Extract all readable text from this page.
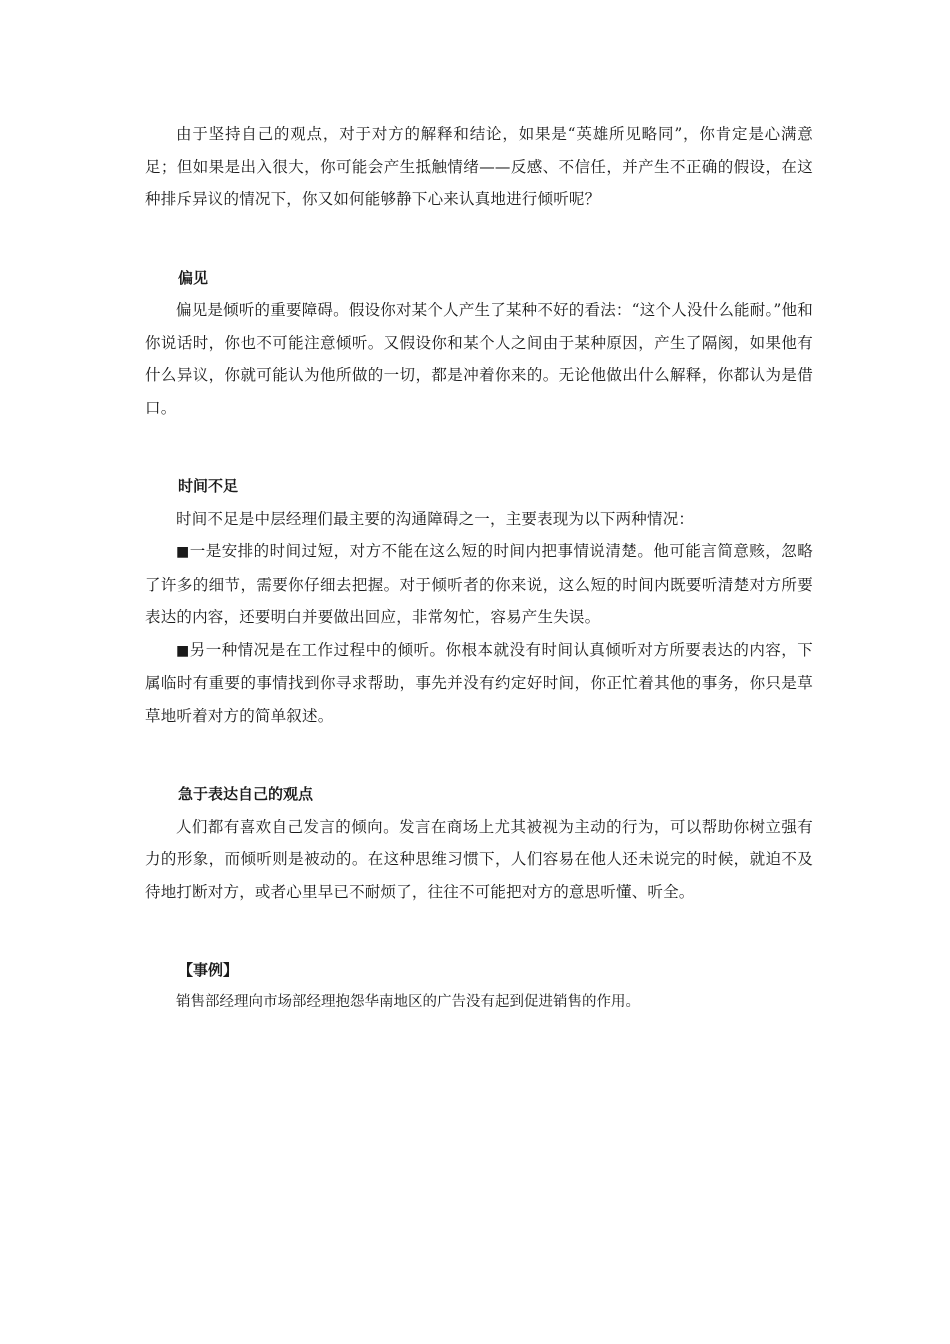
由于坚持自己的观点，对于对方的解释和结论，如果是“英雄所见略同”，你肯定是心满意足；但如果是出入很大，你可能会产生抵触情绪——反感、不信任，并产生不正确的假设，在这种排斥异议的情况下，你又如何能够静下心来认真地进行倾听呢？

偏见

偏见是倾听的重要障碍。假设你对某个人产生了某种不好的看法：“这个人没什么能耐。”他和你说话时，你也不可能注意倾听。又假设你和某个人之间由于某种原因，产生了隔阂，如果他有什么异议，你就可能认为他所做的一切，都是冲着你来的。无论他做出什么解释，你都认为是借口。

时间不足

时间不足是中层经理们最主要的沟通障碍之一，主要表现为以下两种情况：

■一是安排的时间过短，对方不能在这么短的时间内把事情说清楚。他可能言简意赅，忽略了许多的细节，需要你仔细去把握。对于倾听者的你来说，这么短的时间内既要听清楚对方所要表达的内容，还要明白并要做出回应，非常匆忙，容易产生失误。

■另一种情况是在工作过程中的倾听。你根本就没有时间认真倾听对方所要表达的内容，下属临时有重要的事情找到你寻求帮助，事先并没有约定好时间，你正忙着其他的事务，你只是草草地听着对方的简单叙述。

急于表达自己的观点

人们都有喜欢自己发言的倾向。发言在商场上尤其被视为主动的行为，可以帮助你树立强有力的形象，而倾听则是被动的。在这种思维习惯下，人们容易在他人还未说完的时候，就迫不及待地打断对方，或者心里早已不耐烦了，往往不可能把对方的意思听懂、听全。

【事例】

销售部经理向市场部经理抱怨华南地区的广告没有起到促进销售的作用。
